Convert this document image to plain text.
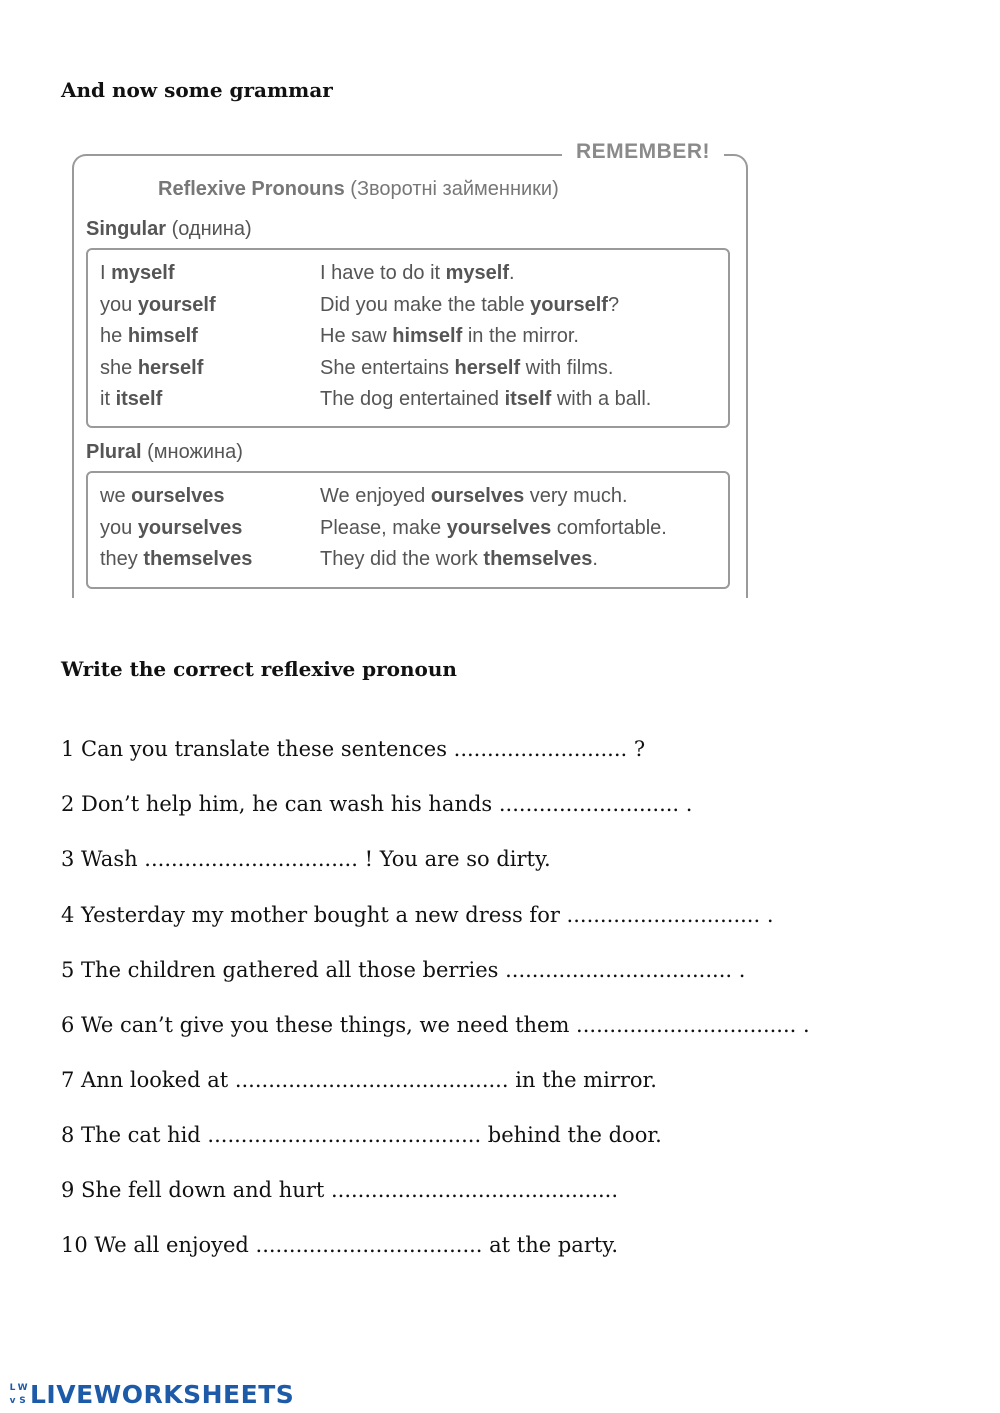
And now some grammar
REMEMBER!
Reflexive Pronouns (Зворотні займенники)
Singular (однина)
I myself	I have to do it myself.
you yourself	Did you make the table yourself?
he himself	He saw himself in the mirror.
she herself	She entertains herself with films.
it itself	The dog entertained itself with a ball.
Plural (множина)
we ourselves	We enjoyed ourselves very much.
you yourselves	Please, make yourselves comfortable.
they themselves	They did the work themselves.
Write the correct reflexive pronoun

1 Can you translate these sentences .......................... ?

2 Don’t help him, he can wash his hands ........................... .

3 Wash ................................ ! You are so dirty.

4 Yesterday my mother bought a new dress for ............................. .

5 The children gathered all those berries .................................. .

6 We can’t give you these things, we need them ................................. .

7 Ann looked at ......................................... in the mirror.

8 The cat hid ......................................... behind the door.

9 She fell down and hurt ...........................................

10 We all enjoyed .................................. at the party.

L W
v S LIVEWORKSHEETS
